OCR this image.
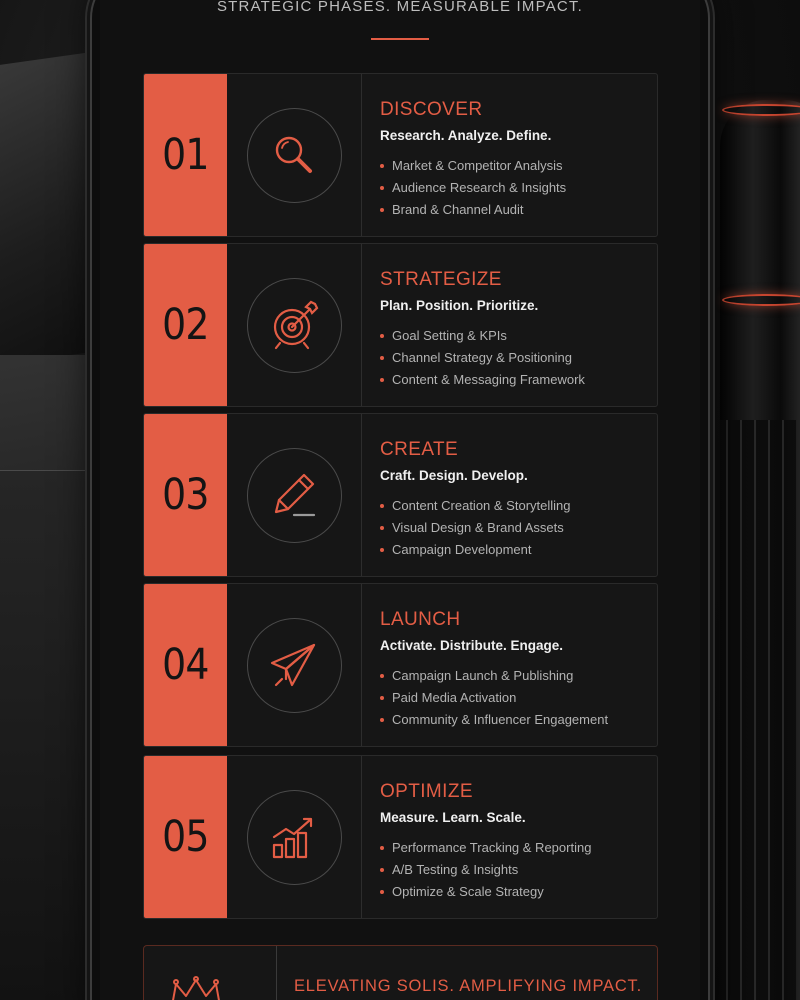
STRATEGIC PHASES. MEASURABLE IMPACT.
01
DISCOVER
Research. Analyze. Define.
Market & Competitor Analysis
Audience Research & Insights
Brand & Channel Audit
02
STRATEGIZE
Plan. Position. Prioritize.
Goal Setting & KPIs
Channel Strategy & Positioning
Content & Messaging Framework
03
CREATE
Craft. Design. Develop.
Content Creation & Storytelling
Visual Design & Brand Assets
Campaign Development
04
LAUNCH
Activate. Distribute. Engage.
Campaign Launch & Publishing
Paid Media Activation
Community & Influencer Engagement
05
OPTIMIZE
Measure. Learn. Scale.
Performance Tracking & Reporting
A/B Testing & Insights
Optimize & Scale Strategy
ELEVATING SOLIS. AMPLIFYING IMPACT.
